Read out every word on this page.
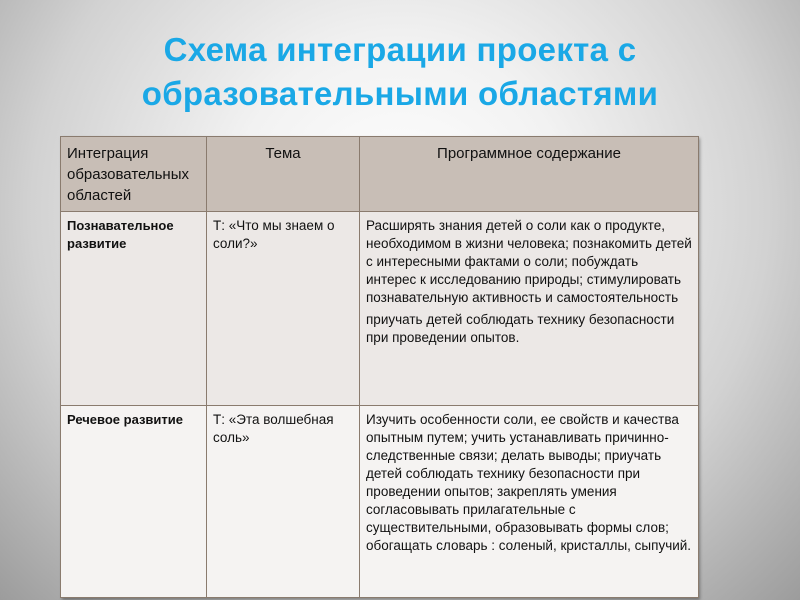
Схема интеграции проекта с
образовательными областями
Интеграция образовательных областей	Тема	Программное содержание
Познавательное развитие	Т: «Что мы знаем о соли?»	Расширять знания детей о соли как о продукте, необходимом в жизни человека; познакомить детей с интересными фактами о соли; побуждать интерес к исследованию природы; стимулировать познавательную активность и самостоятельность
приучать детей соблюдать технику безопасности при проведении опытов.

Речевое развитие	Т: «Эта волшебная соль»	Изучить особенности соли, ее свойств и качества опытным путем; учить устанавливать причинно-следственные связи; делать выводы; приучать детей соблюдать технику безопасности при проведении опытов; закреплять умения согласовывать прилагательные с существительными, образовывать формы слов; обогащать словарь : соленый, кристаллы, сыпучий.
